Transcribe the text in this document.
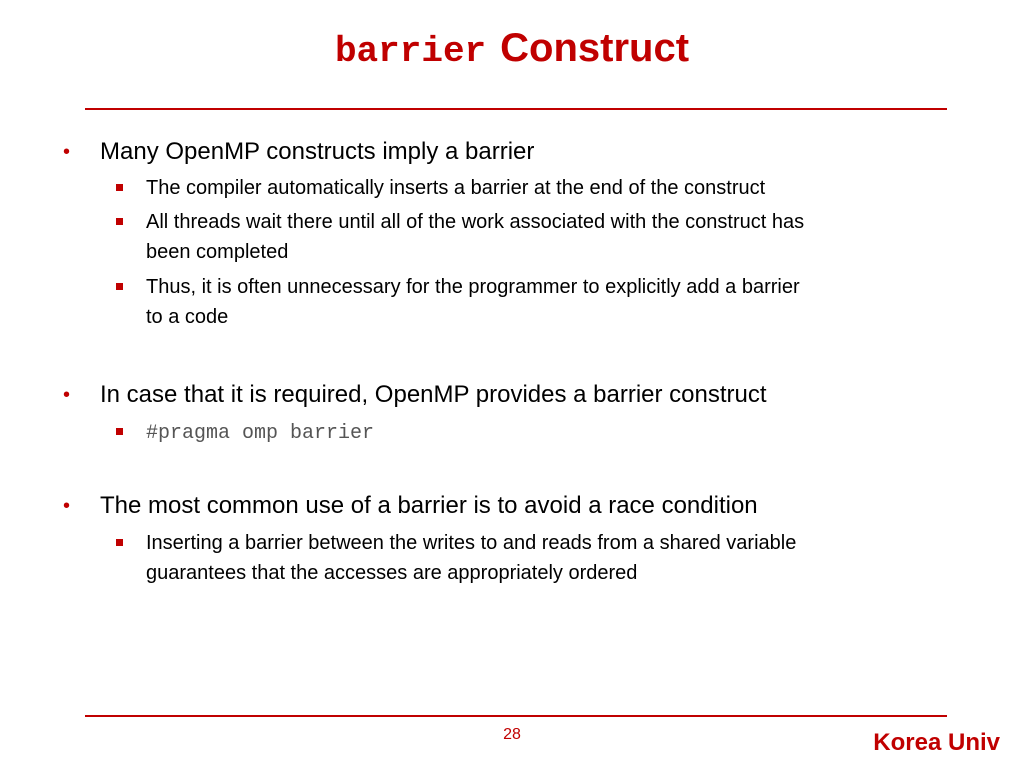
barrier Construct
• Many OpenMP constructs imply a barrier
The compiler automatically inserts a barrier at the end of the construct
All threads wait there until all of the work associated with the construct has
been completed
Thus, it is often unnecessary for the programmer to explicitly add a barrier
to a code
• In case that it is required, OpenMP provides a barrier construct
#pragma omp barrier
• The most common use of a barrier is to avoid a race condition
Inserting a barrier between the writes to and reads from a shared variable
guarantees that the accesses are appropriately ordered
28	Korea Univ
